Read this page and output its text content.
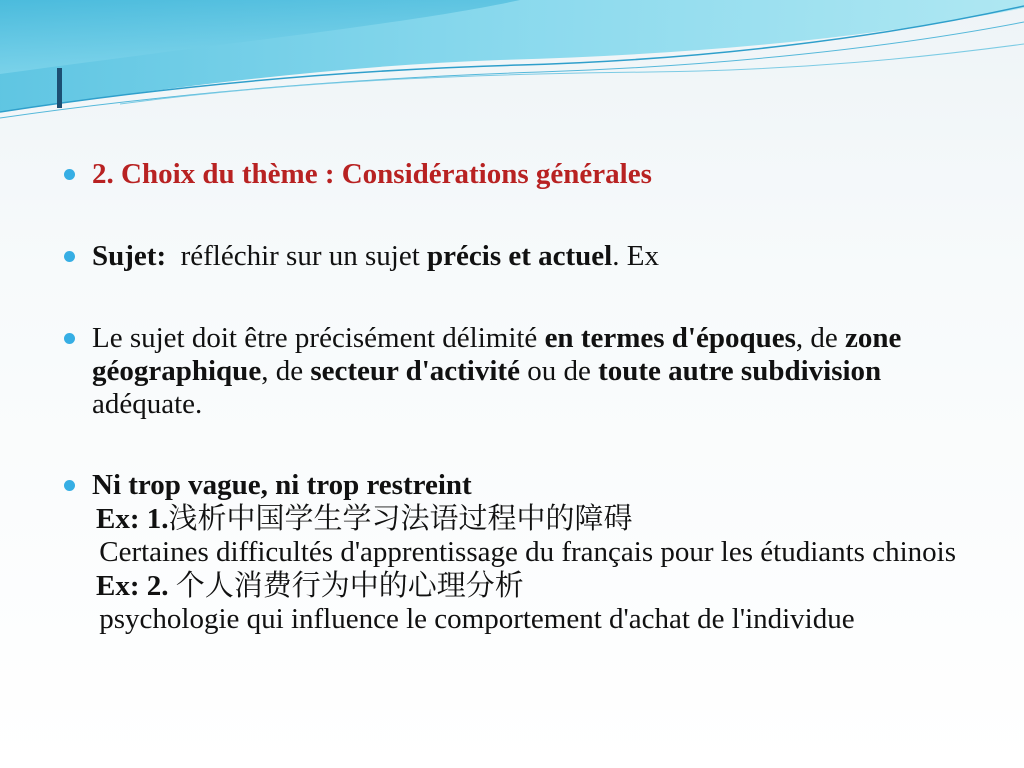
2. Choix du thème : Considérations générales
Sujet: réfléchir sur un sujet précis et actuel. Ex
Le sujet doit être précisément délimité en termes d'époques, de zone géographique, de secteur d'activité ou de toute autre subdivision adéquate.
Ni trop vague, ni trop restreint
Ex: 1.浅析中国学生学习法语过程中的障碍
Certaines difficultés d'apprentissage du français pour les étudiants chinois
Ex: 2. 个人消费行为中的心理分析
psychologie qui influence le comportement d'achat de l'individue
